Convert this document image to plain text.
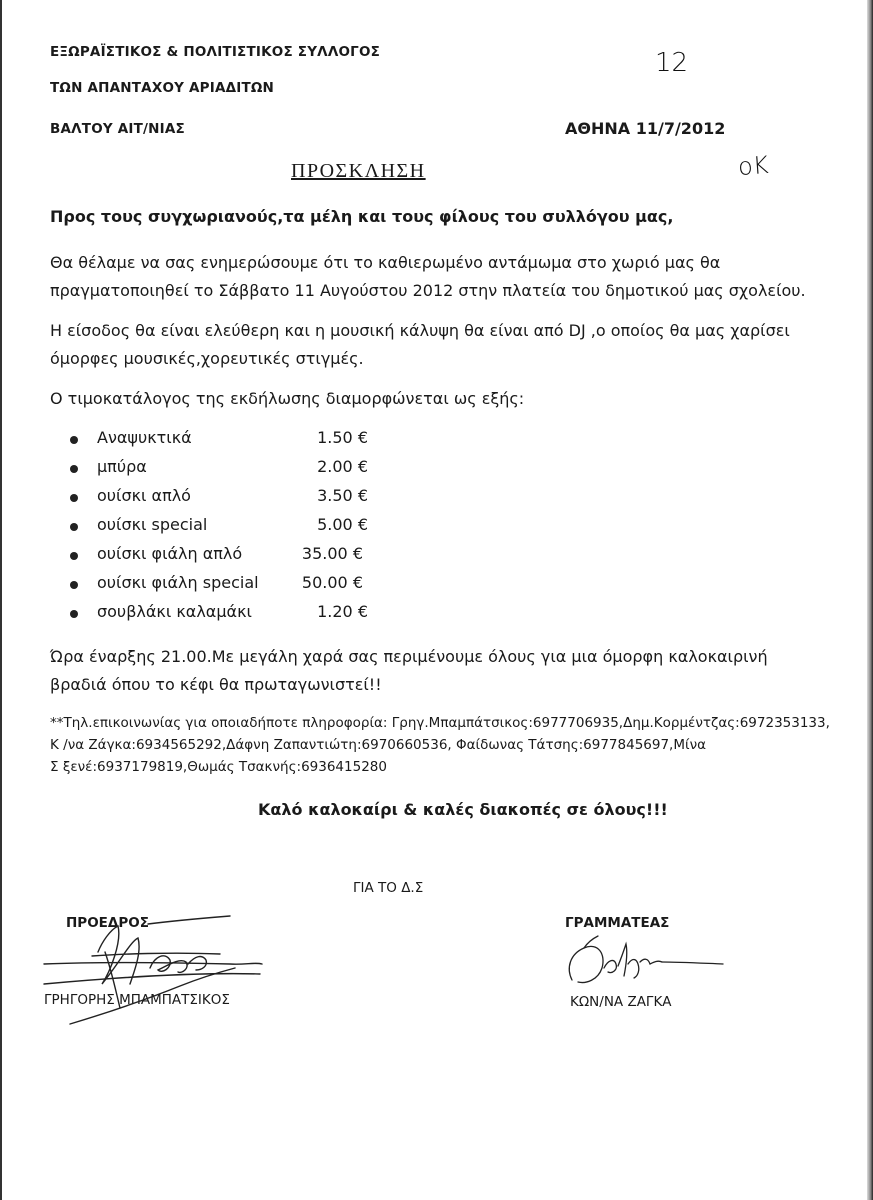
ΕΞΩΡΑΪΣΤΙΚΟΣ & ΠΟΛΙΤΙΣΤΙΚΟΣ ΣΥΛΛΟΓΟΣ
ΤΩΝ ΑΠΑΝΤΑΧΟΥ ΑΡΙΑΔΙΤΩΝ
ΒΑΛΤΟΥ ΑΙΤ/ΝΙΑΣ	ΑΘΗΝΑ 11/7/2012
12
οΚ
ΠΡΟΣΚΛΗΣΗ
Προς τους συγχωριανούς,τα μέλη και τους φίλους του συλλόγου μας,
Θα θέλαμε να σας ενημερώσουμε ότι το καθιερωμένο αντάμωμα στο χωριό μας θα πραγματοποιηθεί το Σάββατο 11 Αυγούστου 2012 στην πλατεία του δημοτικού μας σχολείου.
Η είσοδος θα είναι ελεύθερη και η μουσική κάλυψη θα είναι από DJ ,ο οποίος θα μας χαρίσει όμορφες μουσικές,χορευτικές στιγμές.
Ο τιμοκατάλογος της εκδήλωσης διαμορφώνεται ως εξής:
Αναψυκτικά	1.50 €
μπύρα	2.00 €
ουίσκι απλό	3.50 €
ουίσκι special	5.00 €
ουίσκι φιάλη απλό	35.00 €
ουίσκι φιάλη special	50.00 €
σουβλάκι καλαμάκι	1.20 €
Ώρα έναρξης 21.00.Με μεγάλη χαρά σας περιμένουμε όλους για μια όμορφη καλοκαιρινή
βραδιά όπου το κέφι θα πρωταγωνιστεί!!
**Τηλ.επικοινωνίας για οποιαδήποτε πληροφορία: Γρηγ.Μπαμπάτσικος:6977706935,Δημ.Κορμέντζας:6972353133,
Κ /να Ζάγκα:6934565292,Δάφνη Ζαπαντιώτη:6970660536, Φαίδωνας Τάτσης:6977845697,Μίνα
Σ ξενέ:6937179819,Θωμάς Τσακνής:6936415280
Καλό καλοκαίρι & καλές διακοπές σε όλους!!!
ΓΙΑ ΤΟ Δ.Σ
ΠΡΟΕΔΡΟΣ
ΓΡΗΓΟΡΗΣ ΜΠΑΜΠΑΤΣΙΚΟΣ
ΓΡΑΜΜΑΤΕΑΣ
ΚΩΝ/ΝΑ ΖΑΓΚΑ
